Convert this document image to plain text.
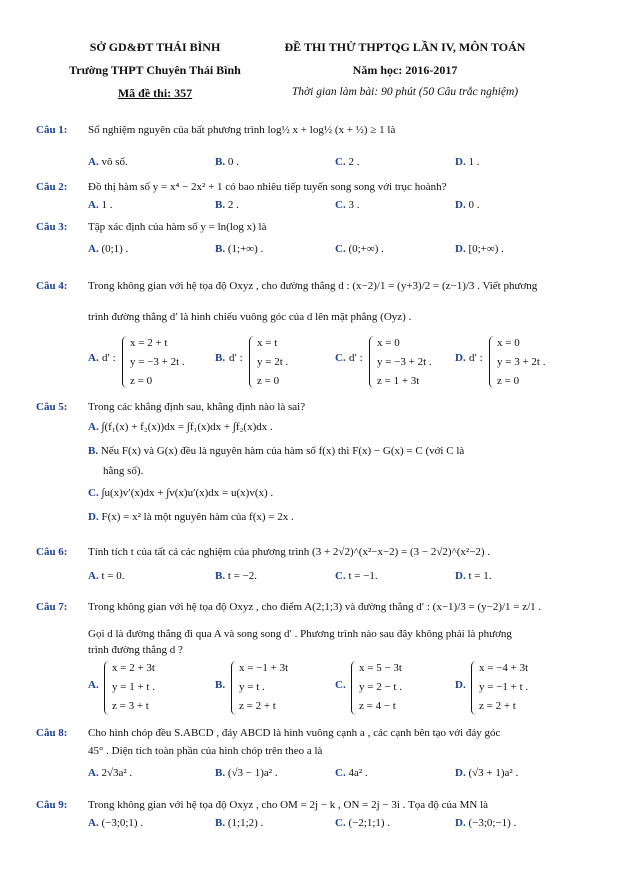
SỞ GD&ĐT THÁI BÌNH
Trường THPT Chuyên Thái Bình
Mã đề thi: 357
ĐỀ THI THỬ THPTQG LẦN IV, MÔN TOÁN
Năm học: 2016-2017
Thời gian làm bài: 90 phút (50 Câu trắc nghiệm)
Câu 1: Số nghiệm nguyên của bất phương trình log½ x + log½ (x + ½) ≥ 1 là
A. vô số.	B. 0 .	C. 2 .	D. 1 .
Câu 2: Đồ thị hàm số y = x⁴ − 2x² + 1 có bao nhiêu tiếp tuyến song song với trục hoành?
A. 1 .	B. 2 .	C. 3 .	D. 0 .
Câu 3: Tập xác định của hàm số y = ln(log x) là
A. (0;1) .	B. (1;+∞) .	C. (0;+∞) .	D. [0;+∞) .
Câu 4: Trong không gian với hệ tọa độ Oxyz , cho đường thẳng d : (x−2)/1 = (y+3)/2 = (z−1)/3 . Viết phương
trình đường thẳng d′ là hình chiếu vuông góc của d lên mặt phẳng (Oyz) .
A. d′ :
x = 2 + t
y = −3 + 2t .
z = 0
B. d′ :
x = t
y = 2t .
z = 0
C. d′ :
x = 0
y = −3 + 2t .
z = 1 + 3t
D. d′ :
x = 0
y = 3 + 2t .
z = 0
Câu 5: Trong các khẳng định sau, khẳng định nào là sai?
A. ∫(f₁(x) + f₂(x))dx = ∫f₁(x)dx + ∫f₂(x)dx .
B. Nếu F(x) và G(x) đều là nguyên hàm của hàm số f(x) thì F(x) − G(x) = C (với C là
hằng số).
C. ∫u(x)v′(x)dx + ∫v(x)u′(x)dx = u(x)v(x) .
D. F(x) = x² là một nguyên hàm của f(x) = 2x .
Câu 6: Tính tích t của tất cả các nghiệm của phương trình (3 + 2√2)^(x²−x−2) = (3 − 2√2)^(x²−2) .
A. t = 0.	B. t = −2.	C. t = −1.	D. t = 1.
Câu 7: Trong không gian với hệ tọa độ Oxyz , cho điểm A(2;1;3) và đường thẳng d′ : (x−1)/3 = (y−2)/1 = z/1 .
Gọi d là đường thẳng đi qua A và song song d′ . Phương trình nào sau đây không phải là phương
trình đường thẳng d ?
A.
x = 2 + 3t
y = 1 + t .
z = 3 + t
B.
x = −1 + 3t
y = t .
z = 2 + t
C.
x = 5 − 3t
y = 2 − t .
z = 4 − t
D.
x = −4 + 3t
y = −1 + t .
z = 2 + t
Câu 8: Cho hình chóp đều S.ABCD , đáy ABCD là hình vuông cạnh a , các cạnh bên tạo với đáy góc
45° . Diện tích toàn phần của hình chóp trên theo a là
A. 2√3a² .	B. (√3 − 1)a² .	C. 4a² .	D. (√3 + 1)a² .
Câu 9: Trong không gian với hệ tọa độ Oxyz , cho OM = 2j − k , ON = 2j − 3i . Tọa độ của MN là
A. (−3;0;1) .	B. (1;1;2) .	C. (−2;1;1) .	D. (−3;0;−1) .
